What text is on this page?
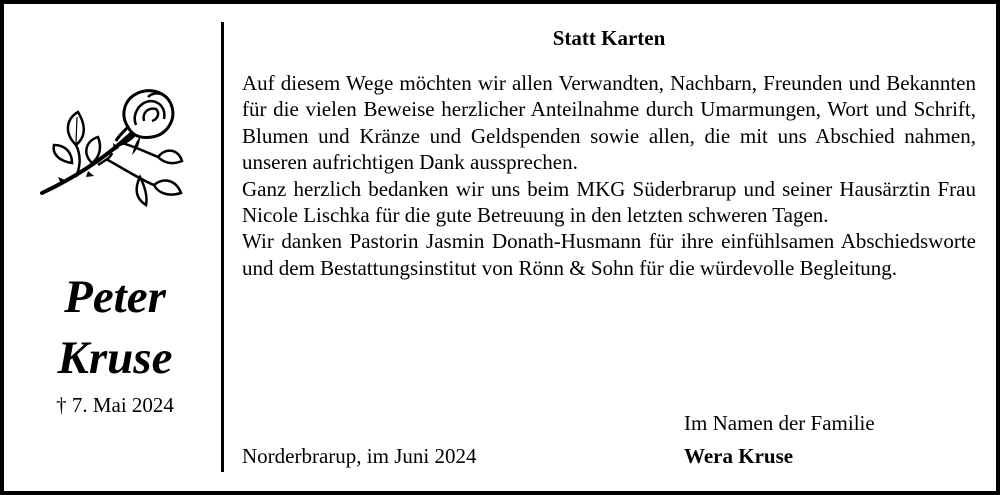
Peter
Kruse
† 7. Mai 2024
Statt Karten

Auf diesem Wege möchten wir allen Verwandten, Nachbarn, Freunden und Bekannten für die vielen Beweise herzlicher Anteilnahme durch Umarmungen, Wort und Schrift, Blumen und Kränze und Geldspenden sowie allen, die mit uns Abschied nahmen, unseren aufrichtigen Dank aussprechen.

Ganz herzlich bedanken wir uns beim MKG Süderbrarup und seiner Hausärztin Frau Nicole Lischka für die gute Betreuung in den letzten schweren Tagen.

Wir danken Pastorin Jasmin Donath-Husmann für ihre einfühlsamen Abschiedsworte und dem Bestattungsinstitut von Rönn & Sohn für die würdevolle Begleitung.

Norderbrarup, im Juni 2024
Im Namen der Familie
Wera Kruse
